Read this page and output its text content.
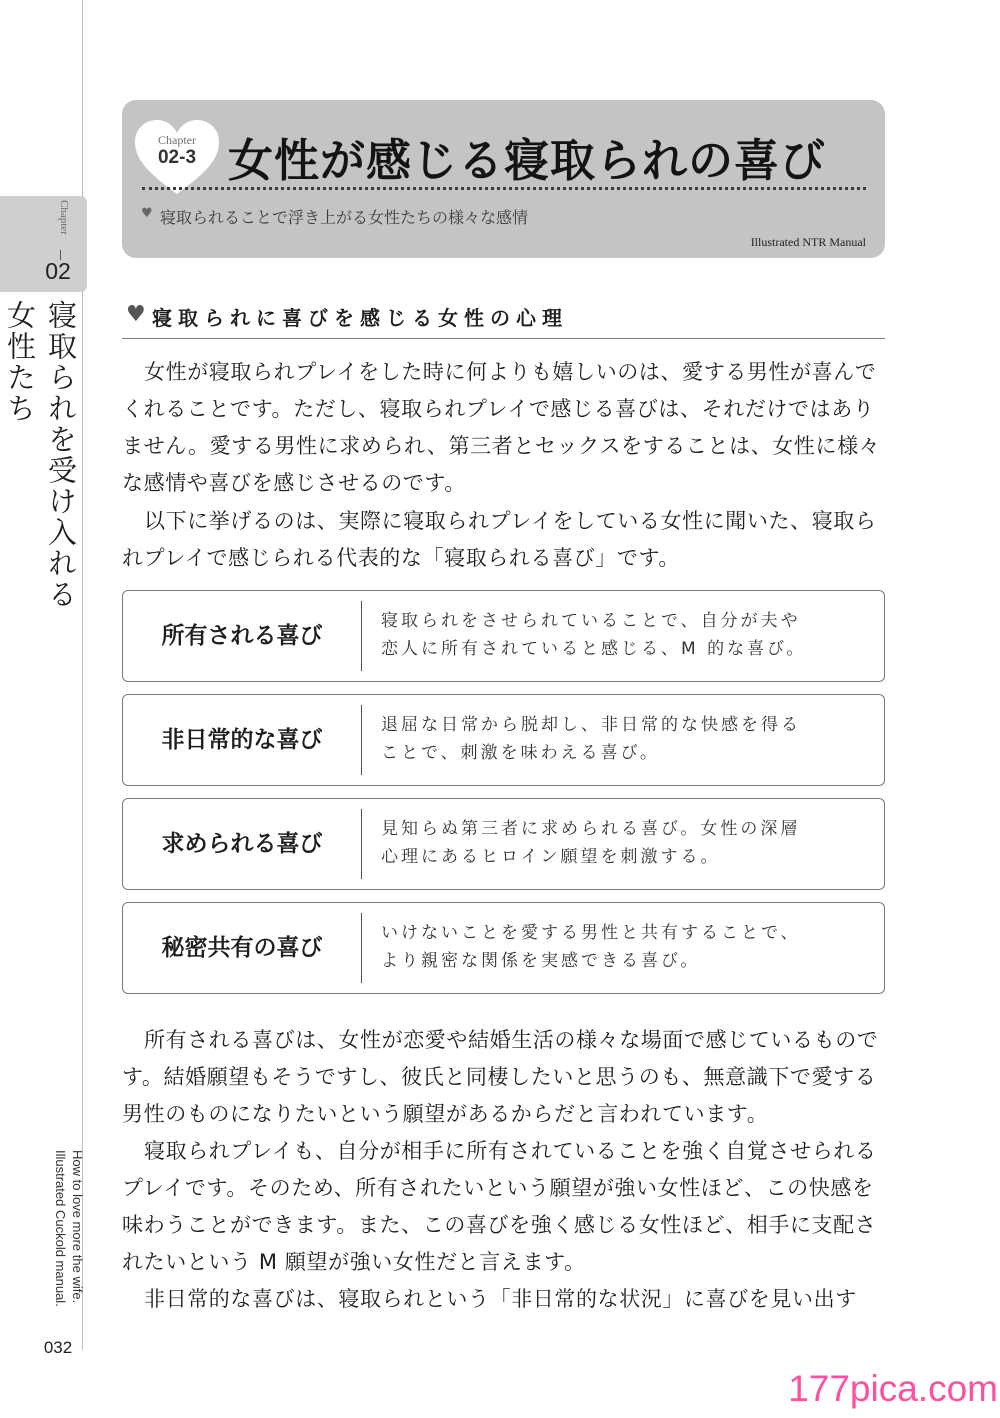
Chapter
02
寝取られを受け入れる女性たち
How to love more the wife.
Illustrated Cuckold manual.
032
Chapter
02-3 女性が感じる寝取られの喜び
♥ 寝取られることで浮き上がる女性たちの様々な感情
Illustrated NTR Manual
♥ 寝取られに喜びを感じる女性の心理

女性が寝取られプレイをした時に何よりも嬉しいのは、愛する男性が喜んでくれることです。ただし、寝取られプレイで感じる喜びは、それだけではありません。愛する男性に求められ、第三者とセックスをすることは、女性に様々な感情や喜びを感じさせるのです。

以下に挙げるのは、実際に寝取られプレイをしている女性に聞いた、寝取られプレイで感じられる代表的な「寝取られる喜び」です。

所有される喜び
寝取られをさせられていることで、自分が夫や
恋人に所有されていると感じる、M 的な喜び。
非日常的な喜び
退屈な日常から脱却し、非日常的な快感を得る
ことで、刺激を味わえる喜び。
求められる喜び
見知らぬ第三者に求められる喜び。女性の深層
心理にあるヒロイン願望を刺激する。
秘密共有の喜び
いけないことを愛する男性と共有することで、
より親密な関係を実感できる喜び。

所有される喜びは、女性が恋愛や結婚生活の様々な場面で感じているものです。結婚願望もそうですし、彼氏と同棲したいと思うのも、無意識下で愛する男性のものになりたいという願望があるからだと言われています。

寝取られプレイも、自分が相手に所有されていることを強く自覚させられるプレイです。そのため、所有されたいという願望が強い女性ほど、この快感を味わうことができます。また、この喜びを強く感じる女性ほど、相手に支配されたいという M 願望が強い女性だと言えます。

非日常的な喜びは、寝取られという「非日常的な状況」に喜びを見い出す

177pica.com
